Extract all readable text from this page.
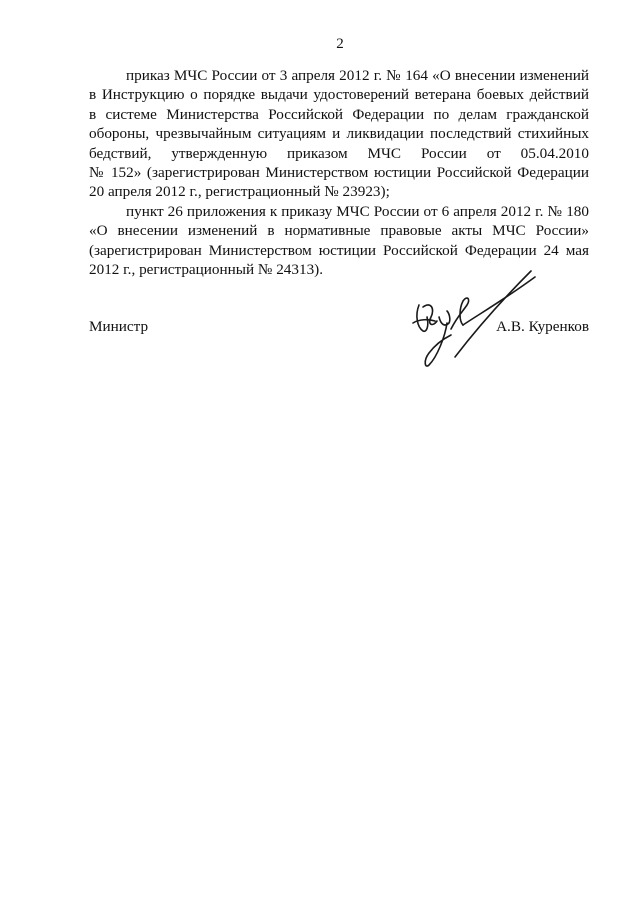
2

приказ МЧС России от 3 апреля 2012 г. № 164 «О внесении изменений
в Инструкцию о порядке выдачи удостоверений ветерана боевых действий
в системе Министерства Российской Федерации по делам гражданской
обороны, чрезвычайным ситуациям и ликвидации последствий стихийных
бедствий, утвержденную приказом МЧС России от 05.04.2010
№ 152» (зарегистрирован Министерством юстиции Российской Федерации
20 апреля 2012 г., регистрационный № 23923);

пункт 26 приложения к приказу МЧС России от 6 апреля 2012 г. № 180
«О внесении изменений в нормативные правовые акты МЧС России»
(зарегистрирован Министерством юстиции Российской Федерации 24 мая
2012 г., регистрационный № 24313).

Министр	А.В. Куренков
